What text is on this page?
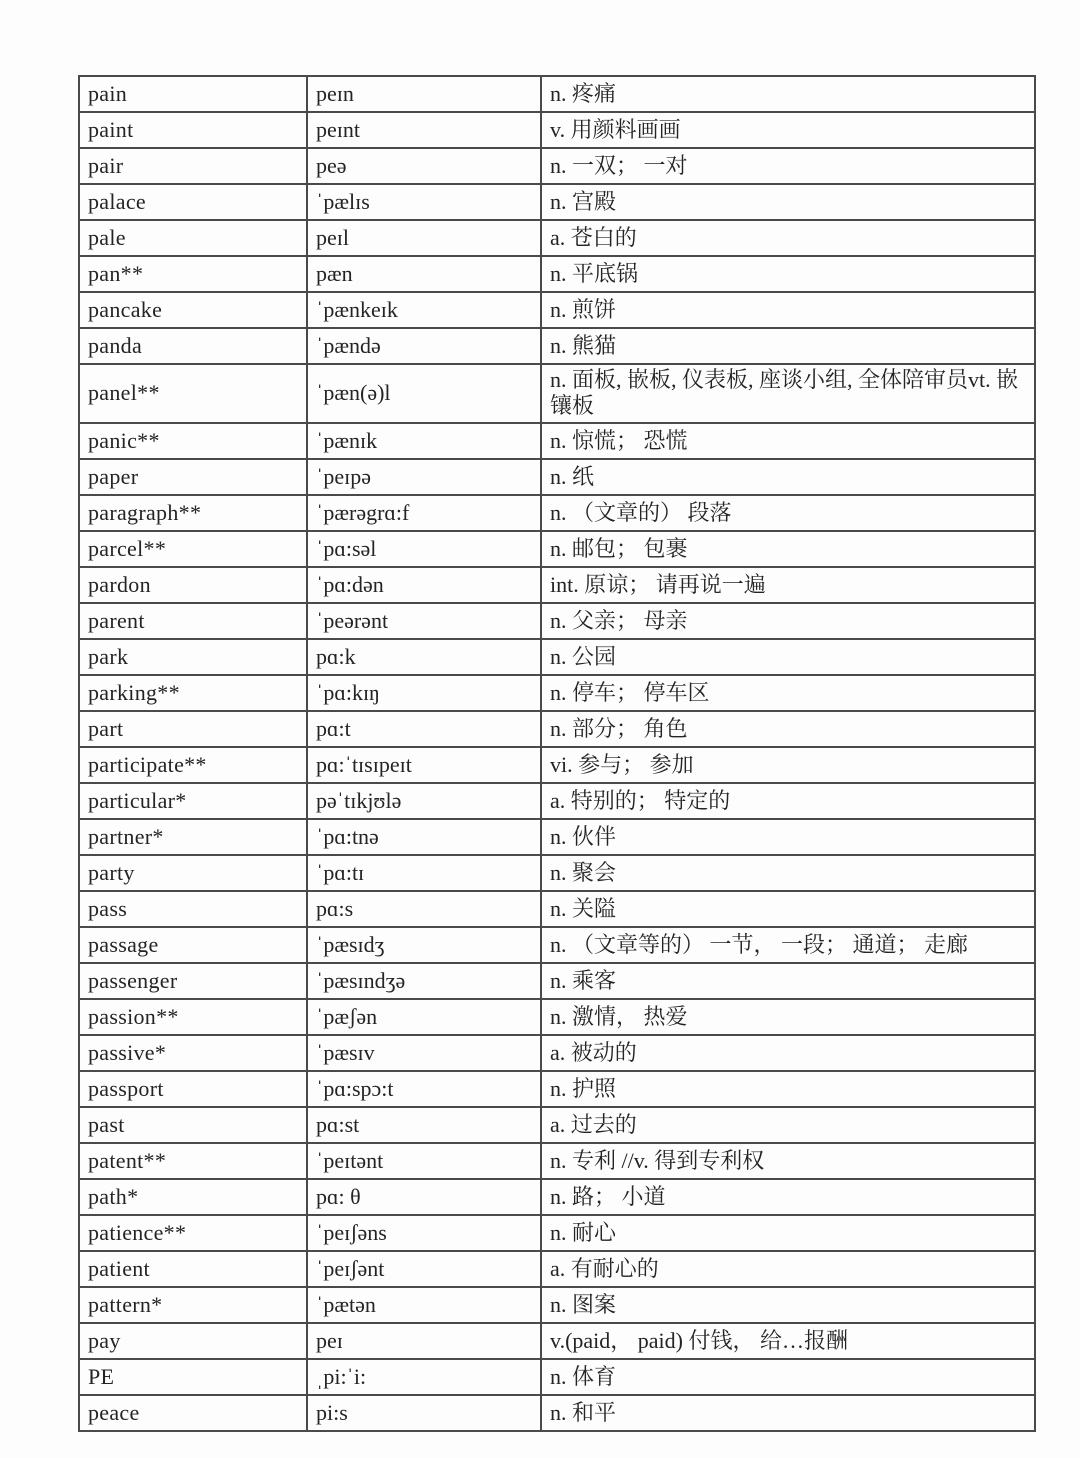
pain	peɪn	n. 疼痛
paint	peɪnt	v. 用颜料画画
pair	peə	n. 一双； 一对
palace	ˈpælɪs	n. 宫殿
pale	peɪl	a. 苍白的
pan**	pæn	n. 平底锅
pancake	ˈpænkeɪk	n. 煎饼
panda	ˈpændə	n. 熊猫
panel**	ˈpæn(ə)l	n. 面板, 嵌板, 仪表板, 座谈小组, 全体陪审员vt. 嵌镶板
panic**	ˈpænɪk	n. 惊慌； 恐慌
paper	ˈpeɪpə	n. 纸
paragraph**	ˈpærəgrɑ:f	n. （文章的） 段落
parcel**	ˈpɑ:səl	n. 邮包； 包裹
pardon	ˈpɑ:dən	int. 原谅； 请再说一遍
parent	ˈpeərənt	n. 父亲； 母亲
park	pɑ:k	n. 公园
parking**	ˈpɑ:kɪŋ	n. 停车； 停车区
part	pɑ:t	n. 部分； 角色
participate**	pɑ:ˈtɪsɪpeɪt	vi. 参与； 参加
particular*	pəˈtɪkjʊlə	a. 特别的； 特定的
partner*	ˈpɑ:tnə	n. 伙伴
party	ˈpɑ:tɪ	n. 聚会
pass	pɑ:s	n. 关隘
passage	ˈpæsɪdʒ	n. （文章等的） 一节， 一段； 通道； 走廊
passenger	ˈpæsɪndʒə	n. 乘客
passion**	ˈpæʃən	n. 激情， 热爱
passive*	ˈpæsɪv	a. 被动的
passport	ˈpɑ:spɔ:t	n. 护照
past	pɑ:st	a. 过去的
patent**	ˈpeɪtənt	n. 专利 //v. 得到专利权
path*	pɑ: θ	n. 路； 小道
patience**	ˈpeɪʃəns	n. 耐心
patient	ˈpeɪʃənt	a. 有耐心的
pattern*	ˈpætən	n. 图案
pay	peɪ	v.(paid， paid) 付钱， 给…报酬
PE	ˌpi:ˈi:	n. 体育
peace	pi:s	n. 和平
